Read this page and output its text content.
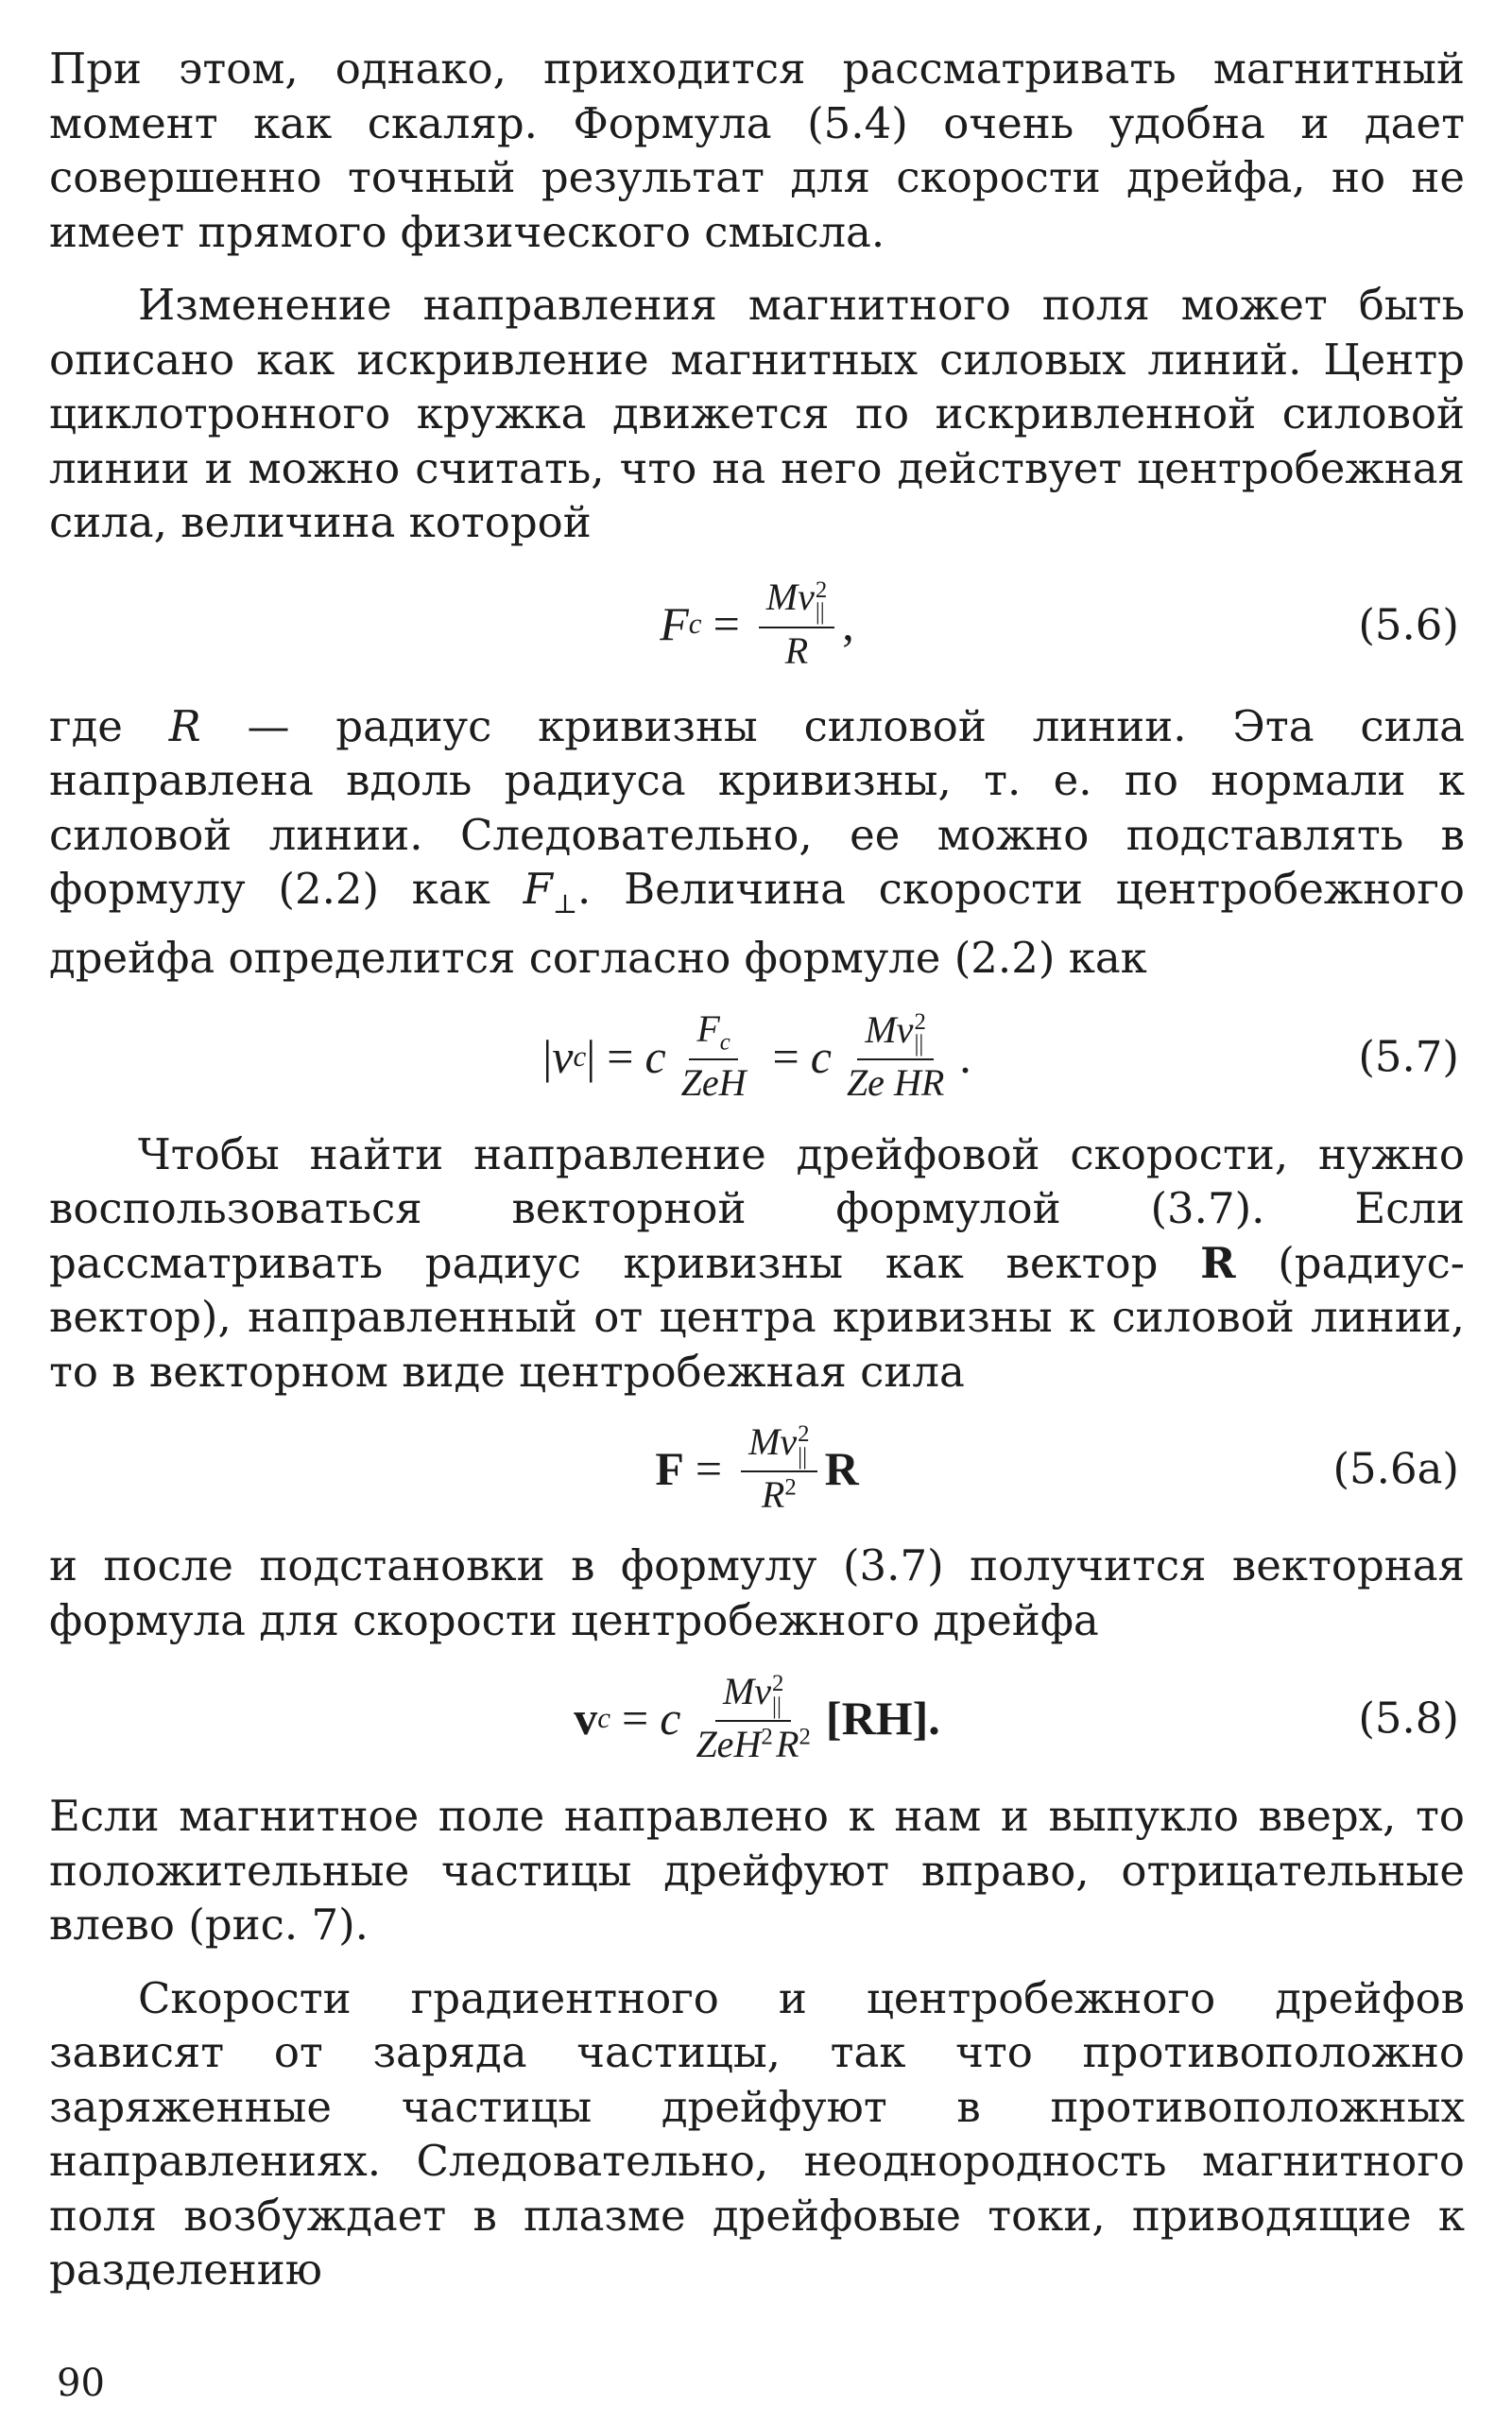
При этом, однако, приходится рассматривать магнитный момент как скаляр. Формула (5.4) очень удобна и дает совершенно точный результат для скорости дрейфа, но не имеет прямого физического смысла.

Изменение направления магнитного поля может быть описано как искривление магнитных силовых линий. Центр циклотронного кружка движется по искривленной силовой линии и можно считать, что на него действует центробежная сила, величина которой

F c = Mv 2
||
R ,	(5.6)

где R — радиус кривизны силовой линии. Эта сила направлена вдоль радиуса кривизны, т. е. по нормали к силовой линии. Следовательно, ее можно подставлять в формулу (2.2) как $F_\perp$. Величина скорости центробежного дрейфа определится согласно формуле (2.2) как

| v c | = c $\frac{F_c}{\text{ZeH}} = c$ Mv 2
||
Ze HR .	(5.7)

Чтобы найти направление дрейфовой скорости, нужно воспользоваться векторной формулой (3.7). Если рассматривать радиус кривизны как вектор R (радиус-вектор), направленный от центра кривизны к силовой линии, то в векторном виде центробежная сила

F = Mv 2
||
$R^2$ R	(5.6a)

и после подстановки в формулу (3.7) получится векторная формула для скорости центробежного дрейфа

v c = c Mv 2
||
ZeH$^2$ $R^2$ [RH].	(5.8)

Если магнитное поле направлено к нам и выпукло вверх, то положительные частицы дрейфуют вправо, отрицательные влево (рис. 7).

Скорости градиентного и центробежного дрейфов зависят от заряда частицы, так что противоположно заряженные частицы дрейфуют в противоположных направлениях. Следовательно, неоднородность магнитного поля возбуждает в плазме дрейфовые токи, приводящие к разделению

90
